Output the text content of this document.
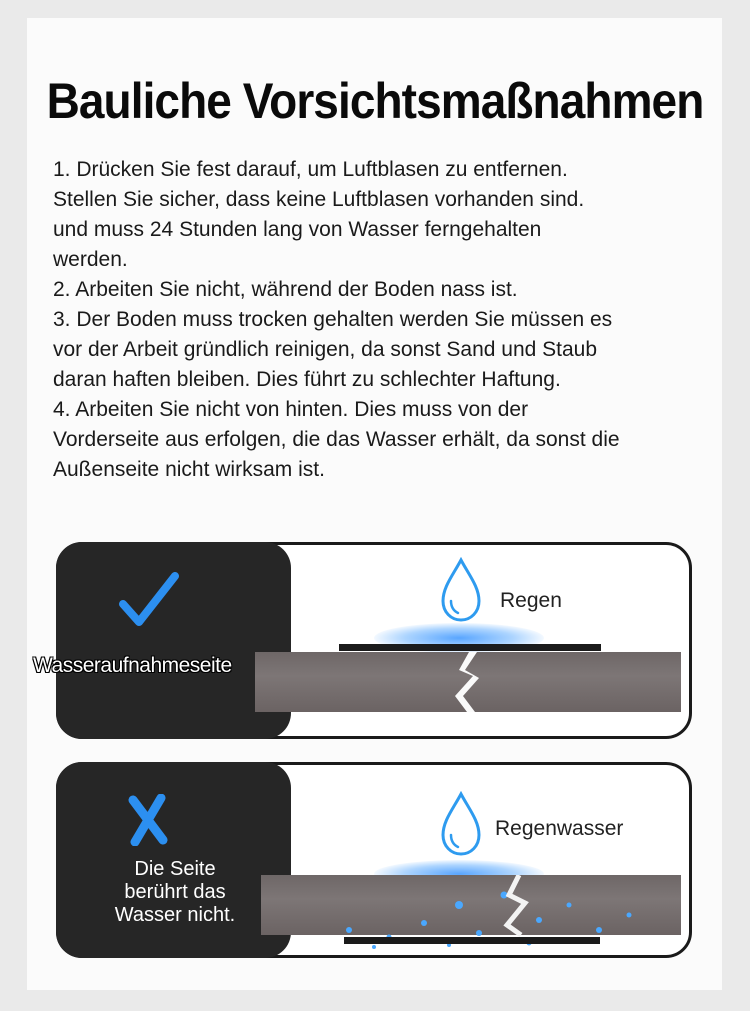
Bauliche Vorsichtsmaßnahmen

1. Drücken Sie fest darauf, um Luftblasen zu entfernen.

Stellen Sie sicher, dass keine Luftblasen vorhanden sind.

und muss 24 Stunden lang von Wasser ferngehalten

werden.

2. Arbeiten Sie nicht, während der Boden nass ist.

3. Der Boden muss trocken gehalten werden Sie müssen es

vor der Arbeit gründlich reinigen, da sonst Sand und Staub

daran haften bleiben. Dies führt zu schlechter Haftung.

4. Arbeiten Sie nicht von hinten. Dies muss von der

Vorderseite aus erfolgen, die das Wasser erhält, da sonst die

Außenseite nicht wirksam ist.

Regen
Wasseraufnahmeseite
Die Seite
berührt das
Wasser nicht.
Regenwasser
